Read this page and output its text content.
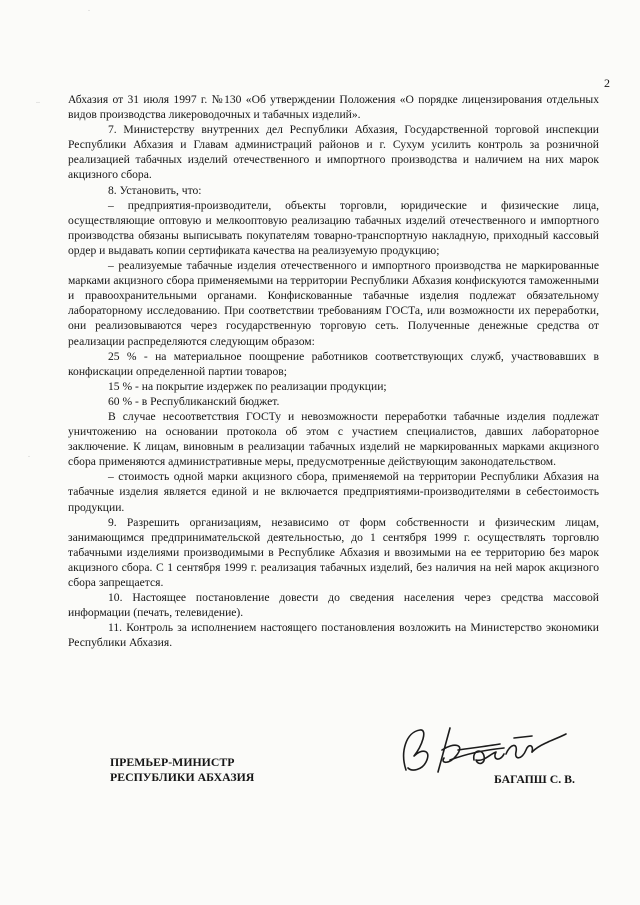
2

Абхазия от 31 июля 1997 г. №130 «Об утверждении Положения «О порядке лицензирования отдельных видов производства ликероводочных и табачных изделий».

7. Министерству внутренних дел Республики Абхазия, Государственной торговой инспекции Республики Абхазия и Главам администраций районов и г. Сухум усилить контроль за розничной реализацией табачных изделий отечественного и импортного производства и наличием на них марок акцизного сбора.

8. Установить, что:

– предприятия-производители, объекты торговли, юридические и физические лица, осуществляющие оптовую и мелкооптовую реализацию табачных изделий отечественного и импортного производства обязаны выписывать покупателям товарно-транспортную накладную, приходный кассовый ордер и выдавать копии сертификата качества на реализуемую продукцию;

– реализуемые табачные изделия отечественного и импортного производства не маркированные марками акцизного сбора применяемыми на территории Республики Абхазия конфискуются таможенными и правоохранительными органами. Конфискованные табачные изделия подлежат обязательному лабораторному исследованию. При соответствии требованиям ГОСТа, или возможности их переработки, они реализовываются через государственную торговую сеть. Полученные денежные средства от реализации распределяются следующим образом:

25 % - на материальное поощрение работников соответствующих служб, участвовавших в конфискации определенной партии товаров;

15 % - на покрытие издержек по реализации продукции;

60 % - в Республиканский бюджет.

В случае несоответствия ГОСТу и невозможности переработки табачные изделия подлежат уничтожению на основании протокола об этом с участием специалистов, давших лабораторное заключение. К лицам, виновным в реализации табачных изделий не маркированных марками акцизного сбора применяются административные меры, предусмотренные действующим законодательством.

– стоимость одной марки акцизного сбора, применяемой на территории Республики Абхазия на табачные изделия является единой и не включается предприятиями-производителями в себестоимость продукции.

9. Разрешить организациям, независимо от форм собственности и физическим лицам, занимающимся предпринимательской деятельностью, до 1 сентября 1999 г. осуществлять торговлю табачными изделиями производимыми в Республике Абхазия и ввозимыми на ее территорию без марок акцизного сбора. С 1 сентября 1999 г. реализация табачных изделий, без наличия на ней марок акцизного сбора запрещается.

10. Настоящее постановление довести до сведения населения через средства массовой информации (печать, телевидение).

11. Контроль за исполнением настоящего постановления возложить на Министерство экономики Республики Абхазия.

ПРЕМЬЕР-МИНИСТР
РЕСПУБЛИКИ АБХАЗИЯ	БАГАПШ С. В.
∙∙
∙
∙
